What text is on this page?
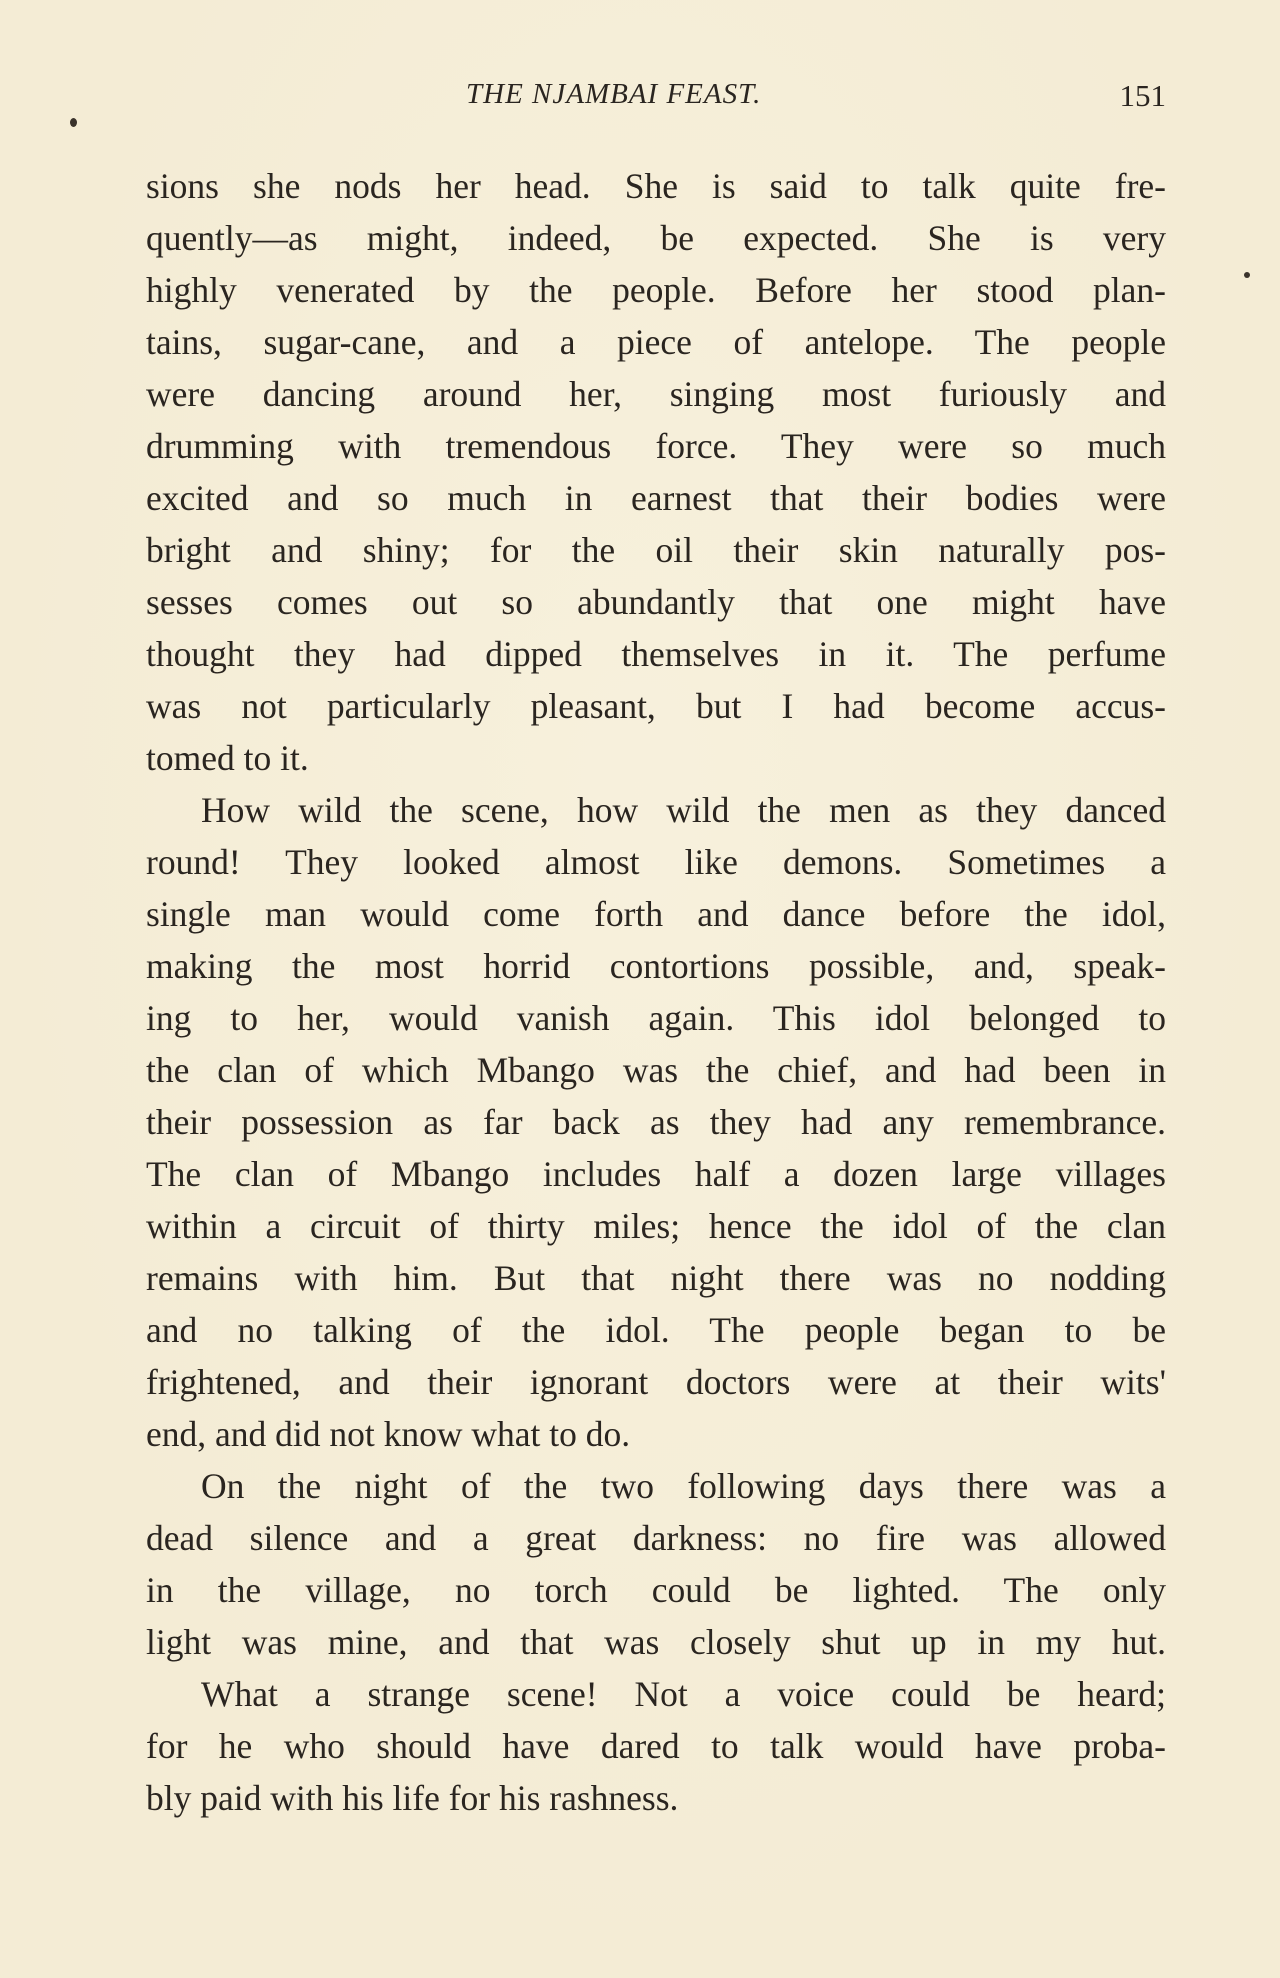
THE NJAMBAI FEAST.	151
sions she nods her head. She is said to talk quite fre-
quently—as might, indeed, be expected. She is very
highly venerated by the people. Before her stood plan-
tains, sugar-cane, and a piece of antelope. The people
were dancing around her, singing most furiously and
drumming with tremendous force. They were so much
excited and so much in earnest that their bodies were
bright and shiny; for the oil their skin naturally pos-
sesses comes out so abundantly that one might have
thought they had dipped themselves in it. The perfume
was not particularly pleasant, but I had become accus-
tomed to it.
How wild the scene, how wild the men as they danced
round! They looked almost like demons. Sometimes a
single man would come forth and dance before the idol,
making the most horrid contortions possible, and, speak-
ing to her, would vanish again. This idol belonged to
the clan of which Mbango was the chief, and had been in
their possession as far back as they had any remembrance.
The clan of Mbango includes half a dozen large villages
within a circuit of thirty miles; hence the idol of the clan
remains with him. But that night there was no nodding
and no talking of the idol. The people began to be
frightened, and their ignorant doctors were at their wits'
end, and did not know what to do.
On the night of the two following days there was a
dead silence and a great darkness: no fire was allowed
in the village, no torch could be lighted. The only
light was mine, and that was closely shut up in my hut.
What a strange scene! Not a voice could be heard;
for he who should have dared to talk would have proba-
bly paid with his life for his rashness.
